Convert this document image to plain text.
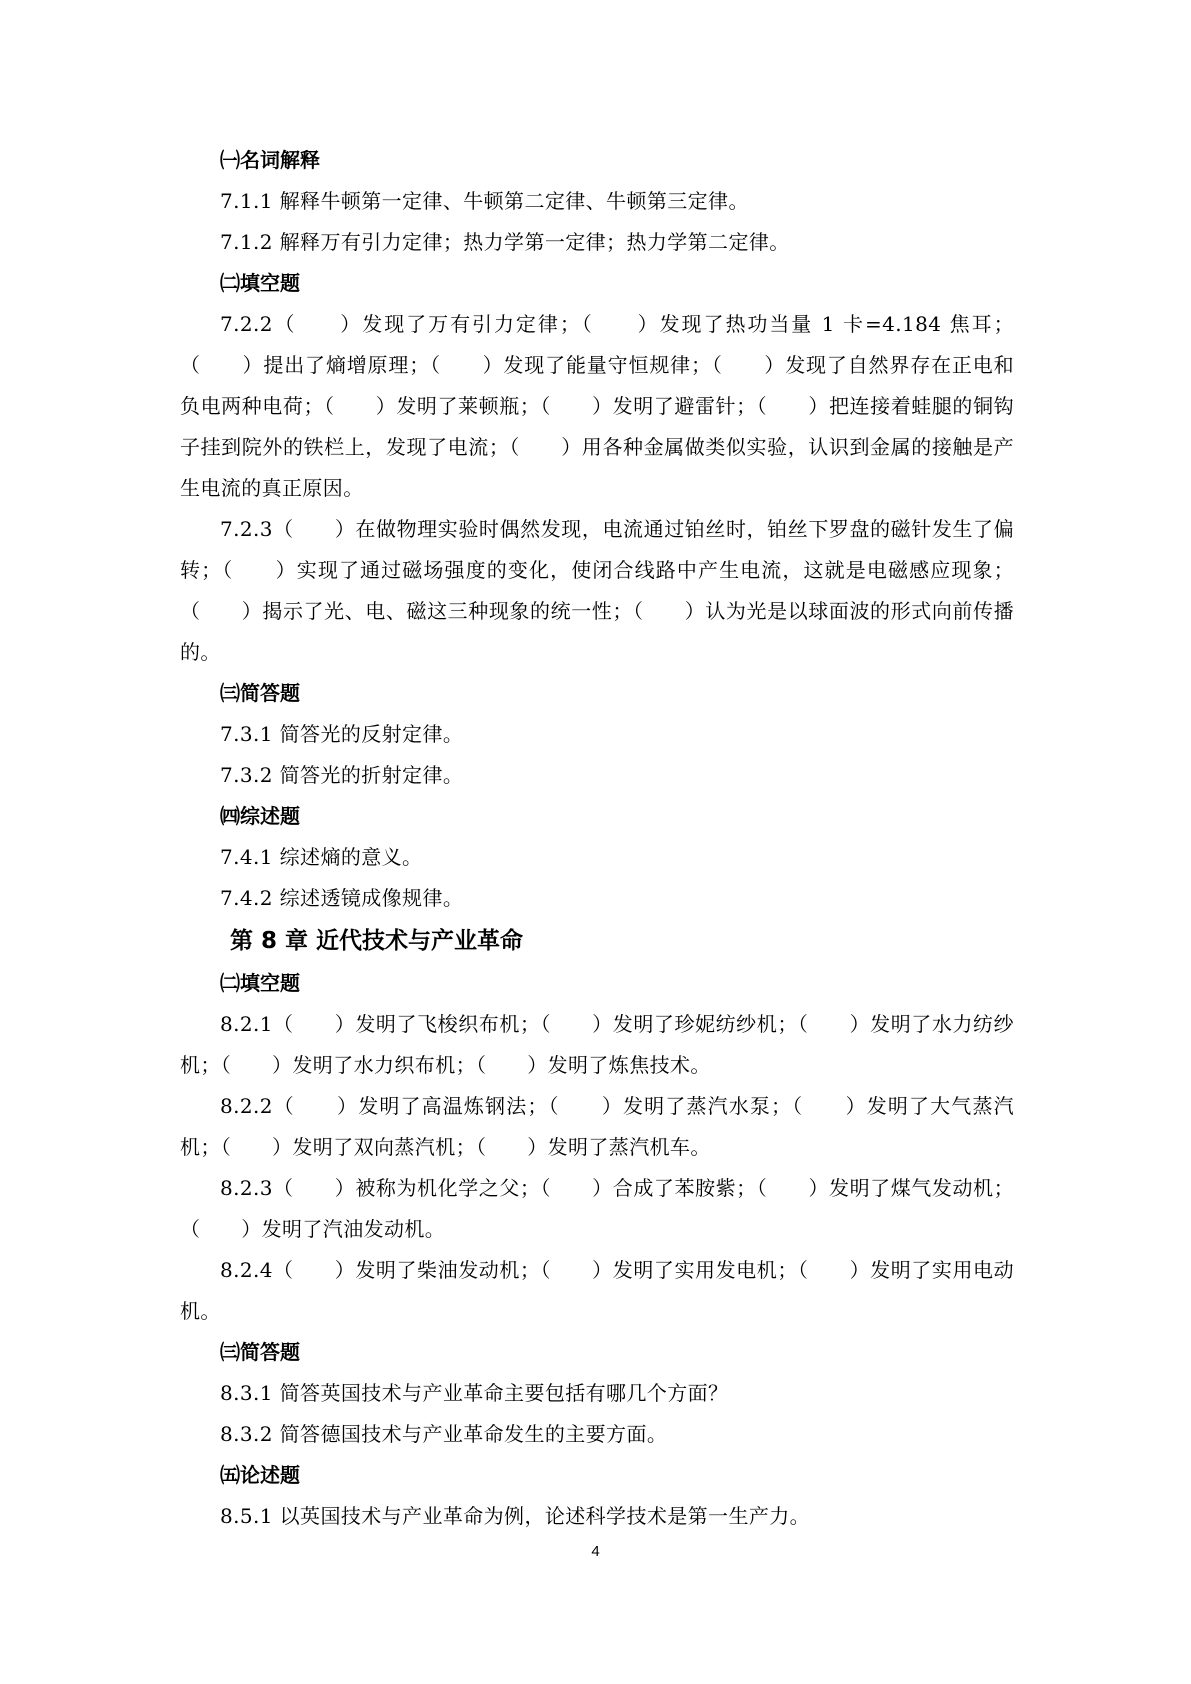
㈠名词解释

7.1.1 解释牛顿第一定律、牛顿第二定律、牛顿第三定律。

7.1.2 解释万有引力定律；热力学第一定律；热力学第二定律。

㈡填空题

7.2.2（　　）发现了万有引力定律；（　　）发现了热功当量 1 卡=4.184 焦耳；（　　）提出了熵增原理；（　　）发现了能量守恒规律；（　　）发现了自然界存在正电和负电两种电荷；（　　）发明了莱顿瓶；（　　）发明了避雷针；（　　）把连接着蛙腿的铜钩子挂到院外的铁栏上，发现了电流；（　　）用各种金属做类似实验，认识到金属的接触是产生电流的真正原因。

7.2.3（　　）在做物理实验时偶然发现，电流通过铂丝时，铂丝下罗盘的磁针发生了偏转；（　　）实现了通过磁场强度的变化，使闭合线路中产生电流，这就是电磁感应现象；（　　）揭示了光、电、磁这三种现象的统一性；（　　）认为光是以球面波的形式向前传播的。

㈢简答题

7.3.1 简答光的反射定律。

7.3.2 简答光的折射定律。

㈣综述题

7.4.1 综述熵的意义。

7.4.2 综述透镜成像规律。

第 8 章 近代技术与产业革命
㈡填空题

8.2.1（　　）发明了飞梭织布机；（　　）发明了珍妮纺纱机；（　　）发明了水力纺纱机；（　　）发明了水力织布机；（　　）发明了炼焦技术。

8.2.2（　　）发明了高温炼钢法；（　　）发明了蒸汽水泵；（　　）发明了大气蒸汽机；（　　）发明了双向蒸汽机；（　　）发明了蒸汽机车。

8.2.3（　　）被称为机化学之父；（　　）合成了苯胺紫；（　　）发明了煤气发动机；（　　）发明了汽油发动机。

8.2.4（　　）发明了柴油发动机；（　　）发明了实用发电机；（　　）发明了实用电动机。

㈢简答题

8.3.1 简答英国技术与产业革命主要包括有哪几个方面？

8.3.2 简答德国技术与产业革命发生的主要方面。

㈤论述题

8.5.1 以英国技术与产业革命为例，论述科学技术是第一生产力。

4
